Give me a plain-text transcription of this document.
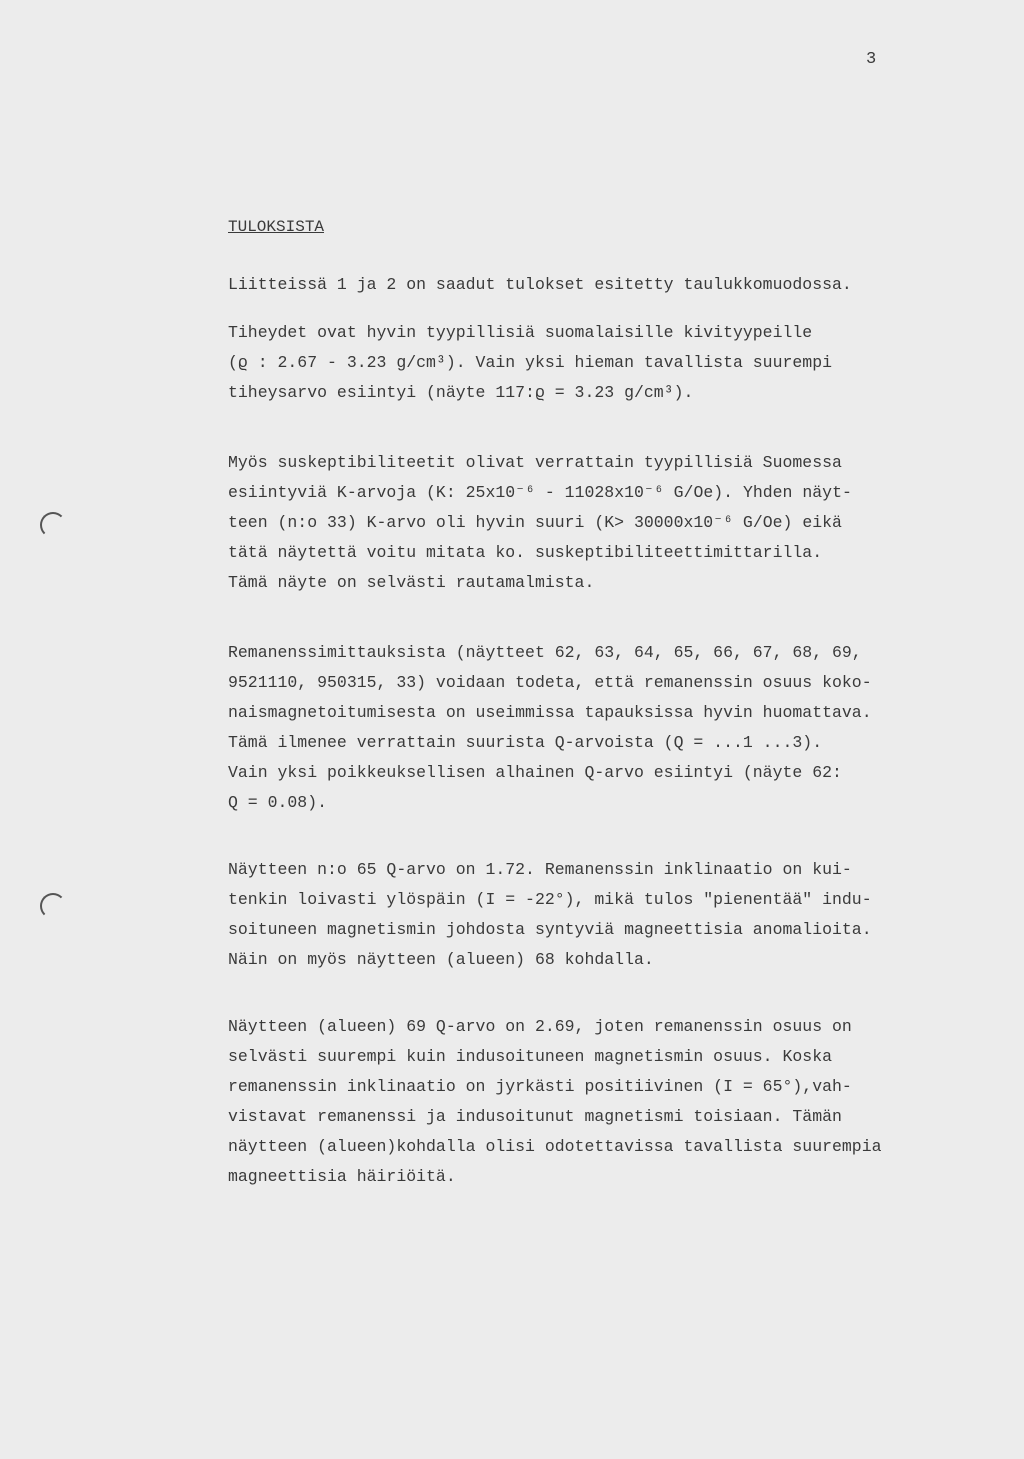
3
TULOKSISTA
Liitteissä 1 ja 2 on saadut tulokset esitetty taulukkomuodossa.
Tiheydet ovat hyvin tyypillisiä suomalaisille kivityypeille
(ϱ : 2.67 - 3.23 g/cm³). Vain yksi hieman tavallista suurempi
tiheysarvo esiintyi (näyte 117:ϱ = 3.23 g/cm³).
Myös suskeptibiliteetit olivat verrattain tyypillisiä Suomessa
esiintyviä K-arvoja (K: 25x10⁻⁶ - 11028x10⁻⁶ G/Oe). Yhden näyt-
teen (n:o 33) K-arvo oli hyvin suuri (K> 30000x10⁻⁶ G/Oe) eikä
tätä näytettä voitu mitata ko. suskeptibiliteettimittarilla.
Tämä näyte on selvästi rautamalmista.
Remanenssimittauksista (näytteet 62, 63, 64, 65, 66, 67, 68, 69,
9521110, 950315, 33) voidaan todeta, että remanenssin osuus koko-
naismagnetoitumisesta on useimmissa tapauksissa hyvin huomattava.
Tämä ilmenee verrattain suurista Q-arvoista (Q = ...1 ...3).
Vain yksi poikkeuksellisen alhainen Q-arvo esiintyi (näyte 62:
Q = 0.08).
Näytteen n:o 65 Q-arvo on 1.72. Remanenssin inklinaatio on kui-
tenkin loivasti ylöspäin (I = -22°), mikä tulos "pienentää" indu-
soituneen magnetismin johdosta syntyviä magneettisia anomalioita.
Näin on myös näytteen (alueen) 68 kohdalla.
Näytteen (alueen) 69 Q-arvo on 2.69, joten remanenssin osuus on
selvästi suurempi kuin indusoituneen magnetismin osuus. Koska
remanenssin inklinaatio on jyrkästi positiivinen (I = 65°),vah-
vistavat remanenssi ja indusoitunut magnetismi toisiaan. Tämän
näytteen (alueen)kohdalla olisi odotettavissa tavallista suurempia
magneettisia häiriöitä.
